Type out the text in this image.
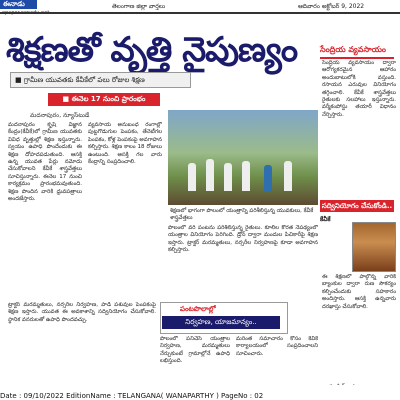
ఈనాడు	తెలంగాణ జిల్లా వార్తలు	ఆదివారం అక్టోబర్ 9, 2022
శిక్షణతో వృత్తి నైపుణ్యం
■ గ్రామీణ యువతకు కేవీకేలో పలు రోజుల శిక్షణ
■ ఈనెల 17 నుంచి ప్రారంభం
మదనాపురం, న్యూస్‌టుడే

మదనాపురం కృషి విజ్ఞాన కేంద్రం(కేవీకే)లో గ్రామీణ యువతకు వివిధ వృత్తుల్లో శిక్షణ ఇస్తున్నారు. స్వయం ఉపాధి పొందేందుకు ఈ శిక్షణ దోహదపడుతుంది. ఆసక్తి ఉన్న యువత పేర్లు నమోదు చేసుకోవాలని కేవీకే శాస్త్రవేత్తలు సూచిస్తున్నారు. ఈనెల 17 నుంచి కార్యక్రమం ప్రారంభమవుతుంది. శిక్షణ పొందిన వారికి ధ్రువపత్రాలు అందజేస్తారు.

వ్యవసాయ అనుబంధ రంగాల్లో పుట్టగొడుగుల పెంపకం, తేనెటీగల పెంపకం, కోళ్ల పెంపకంపై అవగాహన కల్పిస్తారు. శిక్షణ కాలం 18 రోజులు ఉంటుంది. ఆసక్తి గల వారు కేంద్రాన్ని సంప్రదించాలి.

శిక్షణలో భాగంగా పొలంలో యంత్రాన్ని పరిశీలిస్తున్న యువకులు, కేవీకే శాస్త్రవేత్తలు

పొలంలో వరి పంటను పరిశీలిస్తున్న రైతులు. కూలీల కొరత నేపథ్యంలో యంత్రాల వినియోగం పెరిగింది. డ్రోన్ ద్వారా మందుల పిచికారీపై శిక్షణ ఇస్తారు. ట్రాక్టర్ మరమ్మతులు, నర్సరీల నిర్వహణపై కూడా అవగాహన కల్పిస్తారు.

సేంద్రియ వ్యవసాయం

సేంద్రియ వ్యవసాయం ద్వారా ఆరోగ్యకరమైన ఆహారం అందుబాటులోకి వస్తుంది. రసాయన ఎరువుల వినియోగం తగ్గించాలి. కేవీకే శాస్త్రవేత్తలు రైతులకు సలహాలు ఇస్తున్నారు. వర్మీకంపోస్టు తయారీ విధానం నేర్పిస్తారు.

సద్వినియోగం చేసుకోండి..
కేవీకే

ఈ శిక్షణలో పాల్గొన్న వారికి బ్యాంకుల ద్వారా రుణ సౌకర్యం కల్పించేందుకు సహకారం అందిస్తారు. ఆసక్తి ఉన్నవారు దరఖాస్తు చేసుకోవాలి.

ట్రాక్టర్ మరమ్మతులు, నర్సరీల నిర్వహణ, పాడి పశువుల పెంపకంపై శిక్షణ ఇస్తారు. యువత ఈ అవకాశాన్ని సద్వినియోగం చేసుకోవాలి. స్థానిక వనరులతో ఉపాధి పొందవచ్చు.

పంటపొలాల్లో
నిర్వహణ, యాజమాన్యం..

పొలంలో పనిచేసే యంత్రాల నిర్వహణ, మరమ్మతులు నేర్చుకుంటే గ్రామాల్లోనే ఉపాధి లభిస్తుంది.

మరింత సమాచారం కోసం కేవీకే కార్యాలయంలో సంప్రదించాలని సూచించారు.

Date : 09/10/2022 EditionName : TELANGANA( WANAPARTHY ) PageNo : 02
